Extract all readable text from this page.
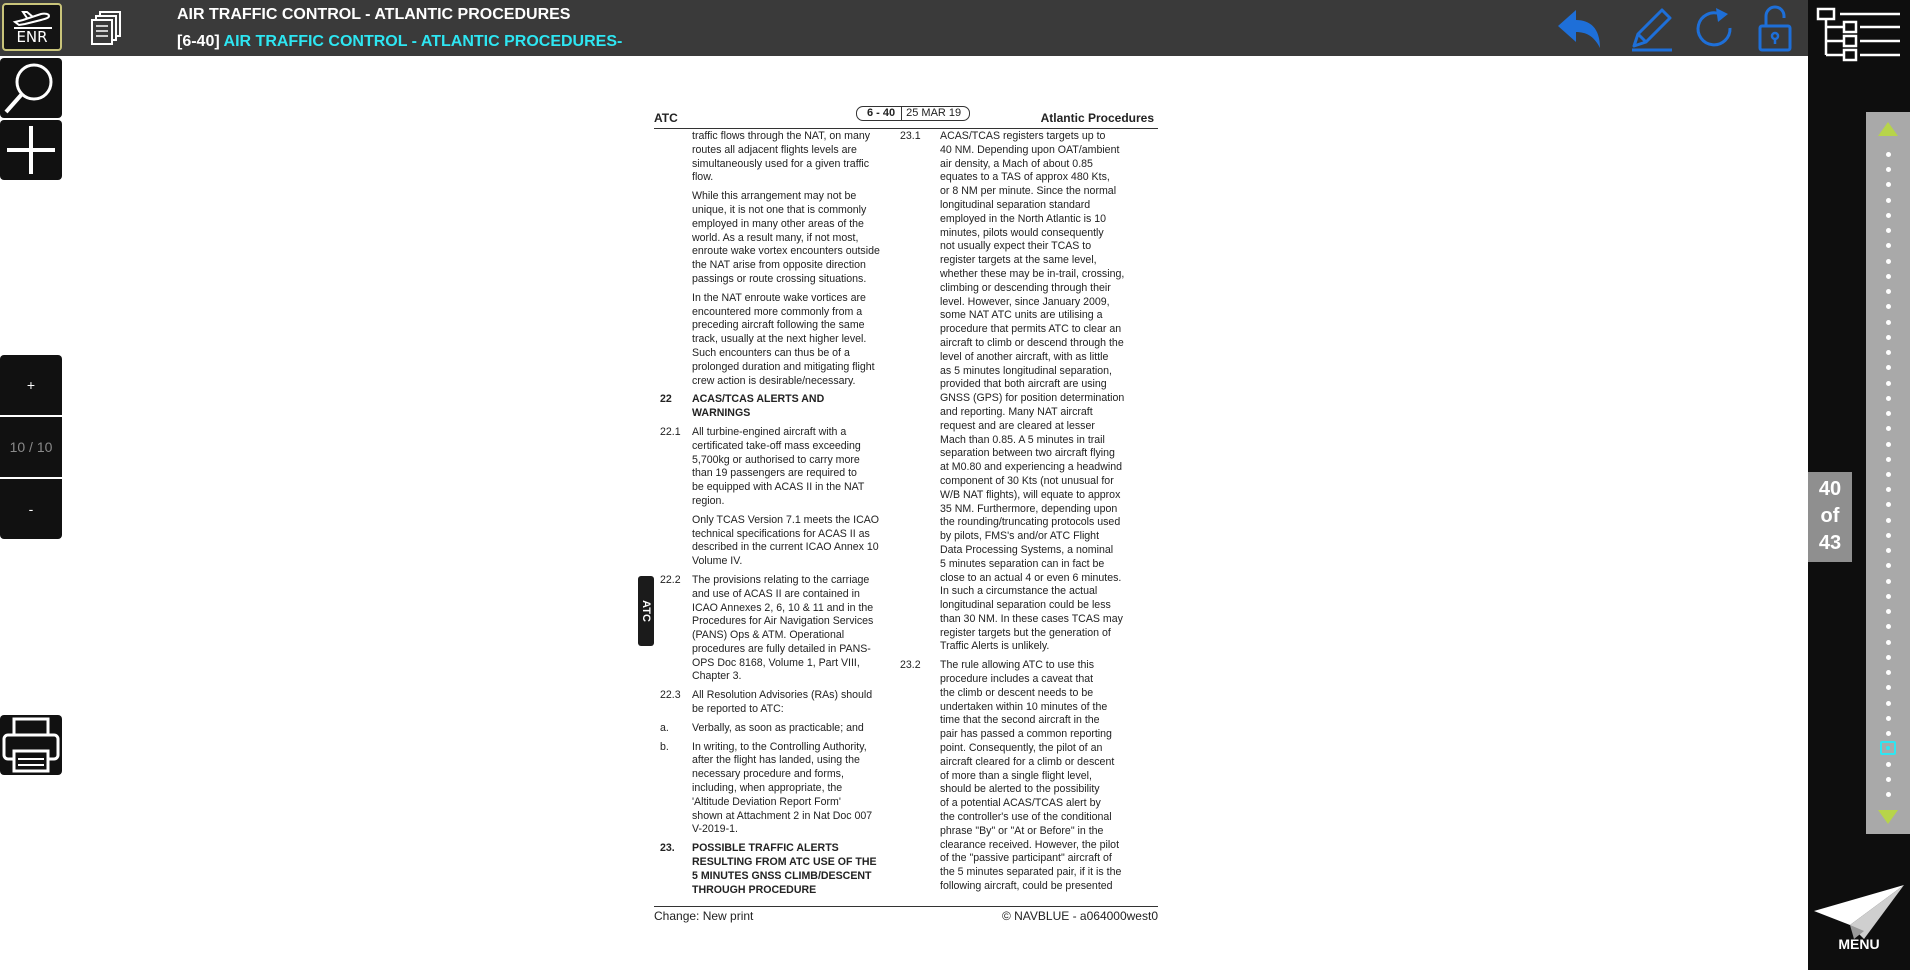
ENR
AIR TRAFFIC CONTROL - ATLANTIC PROCEDURES
[6-40] AIR TRAFFIC CONTROL - ATLANTIC PROCEDURES-
40
of
43
MENU
+
10 / 10
-
ATC	6 - 40	25 MAR 19	Atlantic Procedures
traffic flows through the NAT, on many
routes all adjacent flights levels are
simultaneously used for a given traffic
flow.
While this arrangement may not be
unique, it is not one that is commonly
employed in many other areas of the
world. As a result many, if not most,
enroute wake vortex encounters outside
the NAT arise from opposite direction
passings or route crossing situations.
In the NAT enroute wake vortices are
encountered more commonly from a
preceding aircraft following the same
track, usually at the next higher level.
Such encounters can thus be of a
prolonged duration and mitigating flight
crew action is desirable/necessary.
22 ACAS/TCAS ALERTS AND
WARNINGS
22.1 All turbine-engined aircraft with a
certificated take-off mass exceeding
5,700kg or authorised to carry more
than 19 passengers are required to
be equipped with ACAS II in the NAT
region.
Only TCAS Version 7.1 meets the ICAO
technical specifications for ACAS II as
described in the current ICAO Annex 10
Volume IV.
22.2 The provisions relating to the carriage
and use of ACAS II are contained in
ICAO Annexes 2, 6, 10 & 11 and in the
Procedures for Air Navigation Services
(PANS) Ops & ATM. Operational
procedures are fully detailed in PANS-
OPS Doc 8168, Volume 1, Part VIII,
Chapter 3.
22.3 All Resolution Advisories (RAs) should
be reported to ATC:
a. Verbally, as soon as practicable; and
b. In writing, to the Controlling Authority,
after the flight has landed, using the
necessary procedure and forms,
including, when appropriate, the
'Altitude Deviation Report Form'
shown at Attachment 2 in Nat Doc 007
V-2019-1.
23. POSSIBLE TRAFFIC ALERTS
RESULTING FROM ATC USE OF THE
5 MINUTES GNSS CLIMB/DESCENT
THROUGH PROCEDURE
23.1 ACAS/TCAS registers targets up to
40 NM. Depending upon OAT/ambient
air density, a Mach of about 0.85
equates to a TAS of approx 480 Kts,
or 8 NM per minute. Since the normal
longitudinal separation standard
employed in the North Atlantic is 10
minutes, pilots would consequently
not usually expect their TCAS to
register targets at the same level,
whether these may be in-trail, crossing,
climbing or descending through their
level. However, since January 2009,
some NAT ATC units are utilising a
procedure that permits ATC to clear an
aircraft to climb or descend through the
level of another aircraft, with as little
as 5 minutes longitudinal separation,
provided that both aircraft are using
GNSS (GPS) for position determination
and reporting. Many NAT aircraft
request and are cleared at lesser
Mach than 0.85. A 5 minutes in trail
separation between two aircraft flying
at M0.80 and experiencing a headwind
component of 30 Kts (not unusual for
W/B NAT flights), will equate to approx
35 NM. Furthermore, depending upon
the rounding/truncating protocols used
by pilots, FMS's and/or ATC Flight
Data Processing Systems, a nominal
5 minutes separation can in fact be
close to an actual 4 or even 6 minutes.
In such a circumstance the actual
longitudinal separation could be less
than 30 NM. In these cases TCAS may
register targets but the generation of
Traffic Alerts is unlikely.
23.2 The rule allowing ATC to use this
procedure includes a caveat that
the climb or descent needs to be
undertaken within 10 minutes of the
time that the second aircraft in the
pair has passed a common reporting
point. Consequently, the pilot of an
aircraft cleared for a climb or descent
of more than a single flight level,
should be alerted to the possibility
of a potential ACAS/TCAS alert by
the controller's use of the conditional
phrase "By" or "At or Before" in the
clearance received. However, the pilot
of the "passive participant" aircraft of
the 5 minutes separated pair, if it is the
following aircraft, could be presented
Change: New print	© NAVBLUE - a064000west0
ATC
